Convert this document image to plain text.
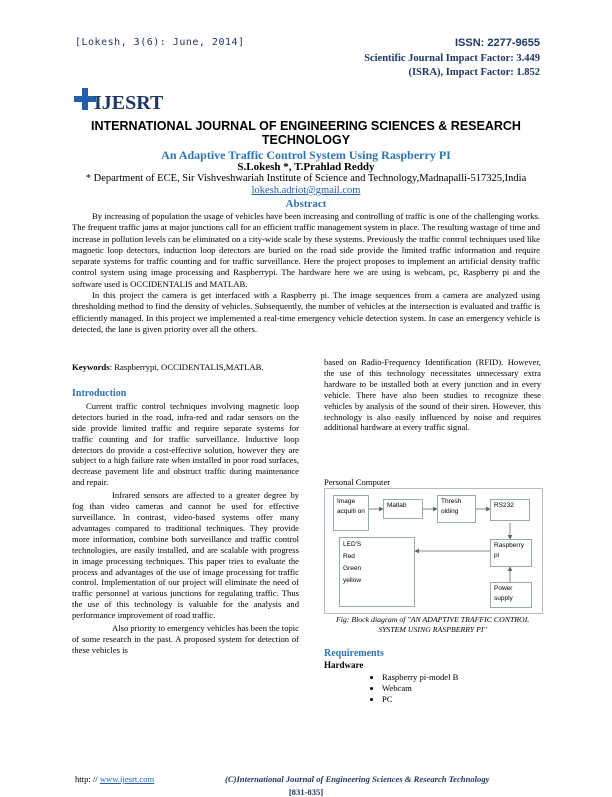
[Lokesh, 3(6): June, 2014]	ISSN: 2277-9655
Scientific Journal Impact Factor: 3.449
(ISRA), Impact Factor: 1.852
IJESRT
INTERNATIONAL JOURNAL OF ENGINEERING SCIENCES & RESEARCH
TECHNOLOGY
An Adaptive Traffic Control System Using Raspberry PI
S.Lokesh *, T.Prahlad Reddy
* Department of ECE, Sir Vishveshwariah Institute of Science and Technology,Madnapalli-517325,India
lokesh.adriot@gmail.com
Abstract

By increasing of population the usage of vehicles have been increasing and controlling of traffic is one of the challenging works. The frequent traffic jams at major junctions call for an efficient traffic management system in place. The resulting wastage of time and increase in pollution levels can be eliminated on a city-wide scale by these systems. Previously the traffic control techniques used like magnetic loop detectors, induction loop detectors are buried on the road side provide the limited traffic information and require separate systems for traffic counting and for traffic surveillance. Here the project proposes to implement an artificial density traffic control system using image processing and Raspberrypi. The hardware here we are using is webcam, pc, Raspberry pi and the software used is OCCIDENTALIS and MATLAB.

In this project the camera is get interfaced with a Raspberry pi. The image sequences from a camera are analyzed using thresholding method to find the density of vehicles. Subsequently, the number of vehicles at the intersection is evaluated and traffic is efficiently managed. In this project we implemented a real-time emergency vehicle detection system. In case an emergency vehicle is detected, the lane is given priority over all the others.

Keywords: Raspberrypi, OCCIDENTALIS,MATLAB.
Introduction

Current traffic control techniques involving magnetic loop detectors buried in the road, infra-red and radar sensors on the side provide limited traffic and require separate systems for traffic counting and for traffic surveillance. Inductive loop detectors do provide a cost-effective solution, however they are subject to a high failure rate when installed in poor road surfaces, decrease pavement life and obstruct traffic during maintenance and repair.

Infrared sensors are affected to a greater degree by fog than video cameras and cannot be used for effective surveillance. In contrast, video-based systems offer many advantages compared to traditional techniques. They provide more information, combine both surveillance and traffic control technologies, are easily installed, and are scalable with progress in image processing techniques. This paper tries to evaluate the process and advantages of the use of image processing for traffic control. Implementation of our project will eliminate the need of traffic personnel at various junctions for regulating traffic. Thus the use of this technology is valuable for the analysis and performance improvement of road traffic.

Also priority to emergency vehicles has been the topic of some research in the past. A proposed system for detection of these vehicles is

based on Radio-Frequency Identification (RFID). However, the use of this technology necessitates unnecessary extra hardware to be installed both at every junction and in every vehicle. There have also been studies to recognize these vehicles by analysis of the sound of their siren. However, this technology is also easily influenced by noise and requires additional hardware at every traffic signal.

Personal Computer
Image acquiti on
Matlab
Thresh olding
RS232
LED'S
Red
Green
yellow
Raspberry pi
Power supply
Fig: Block diagram of "AN ADAPTIVE TRAFFIC CONTROL SYSTEM USING RASPBERRY PI"
Requirements
Hardware
• Raspberry pi-model B
• Webcam
• PC
http: // www.ijesrt.com	(C)International Journal of Engineering Sciences & Research Technology
[831-835]
